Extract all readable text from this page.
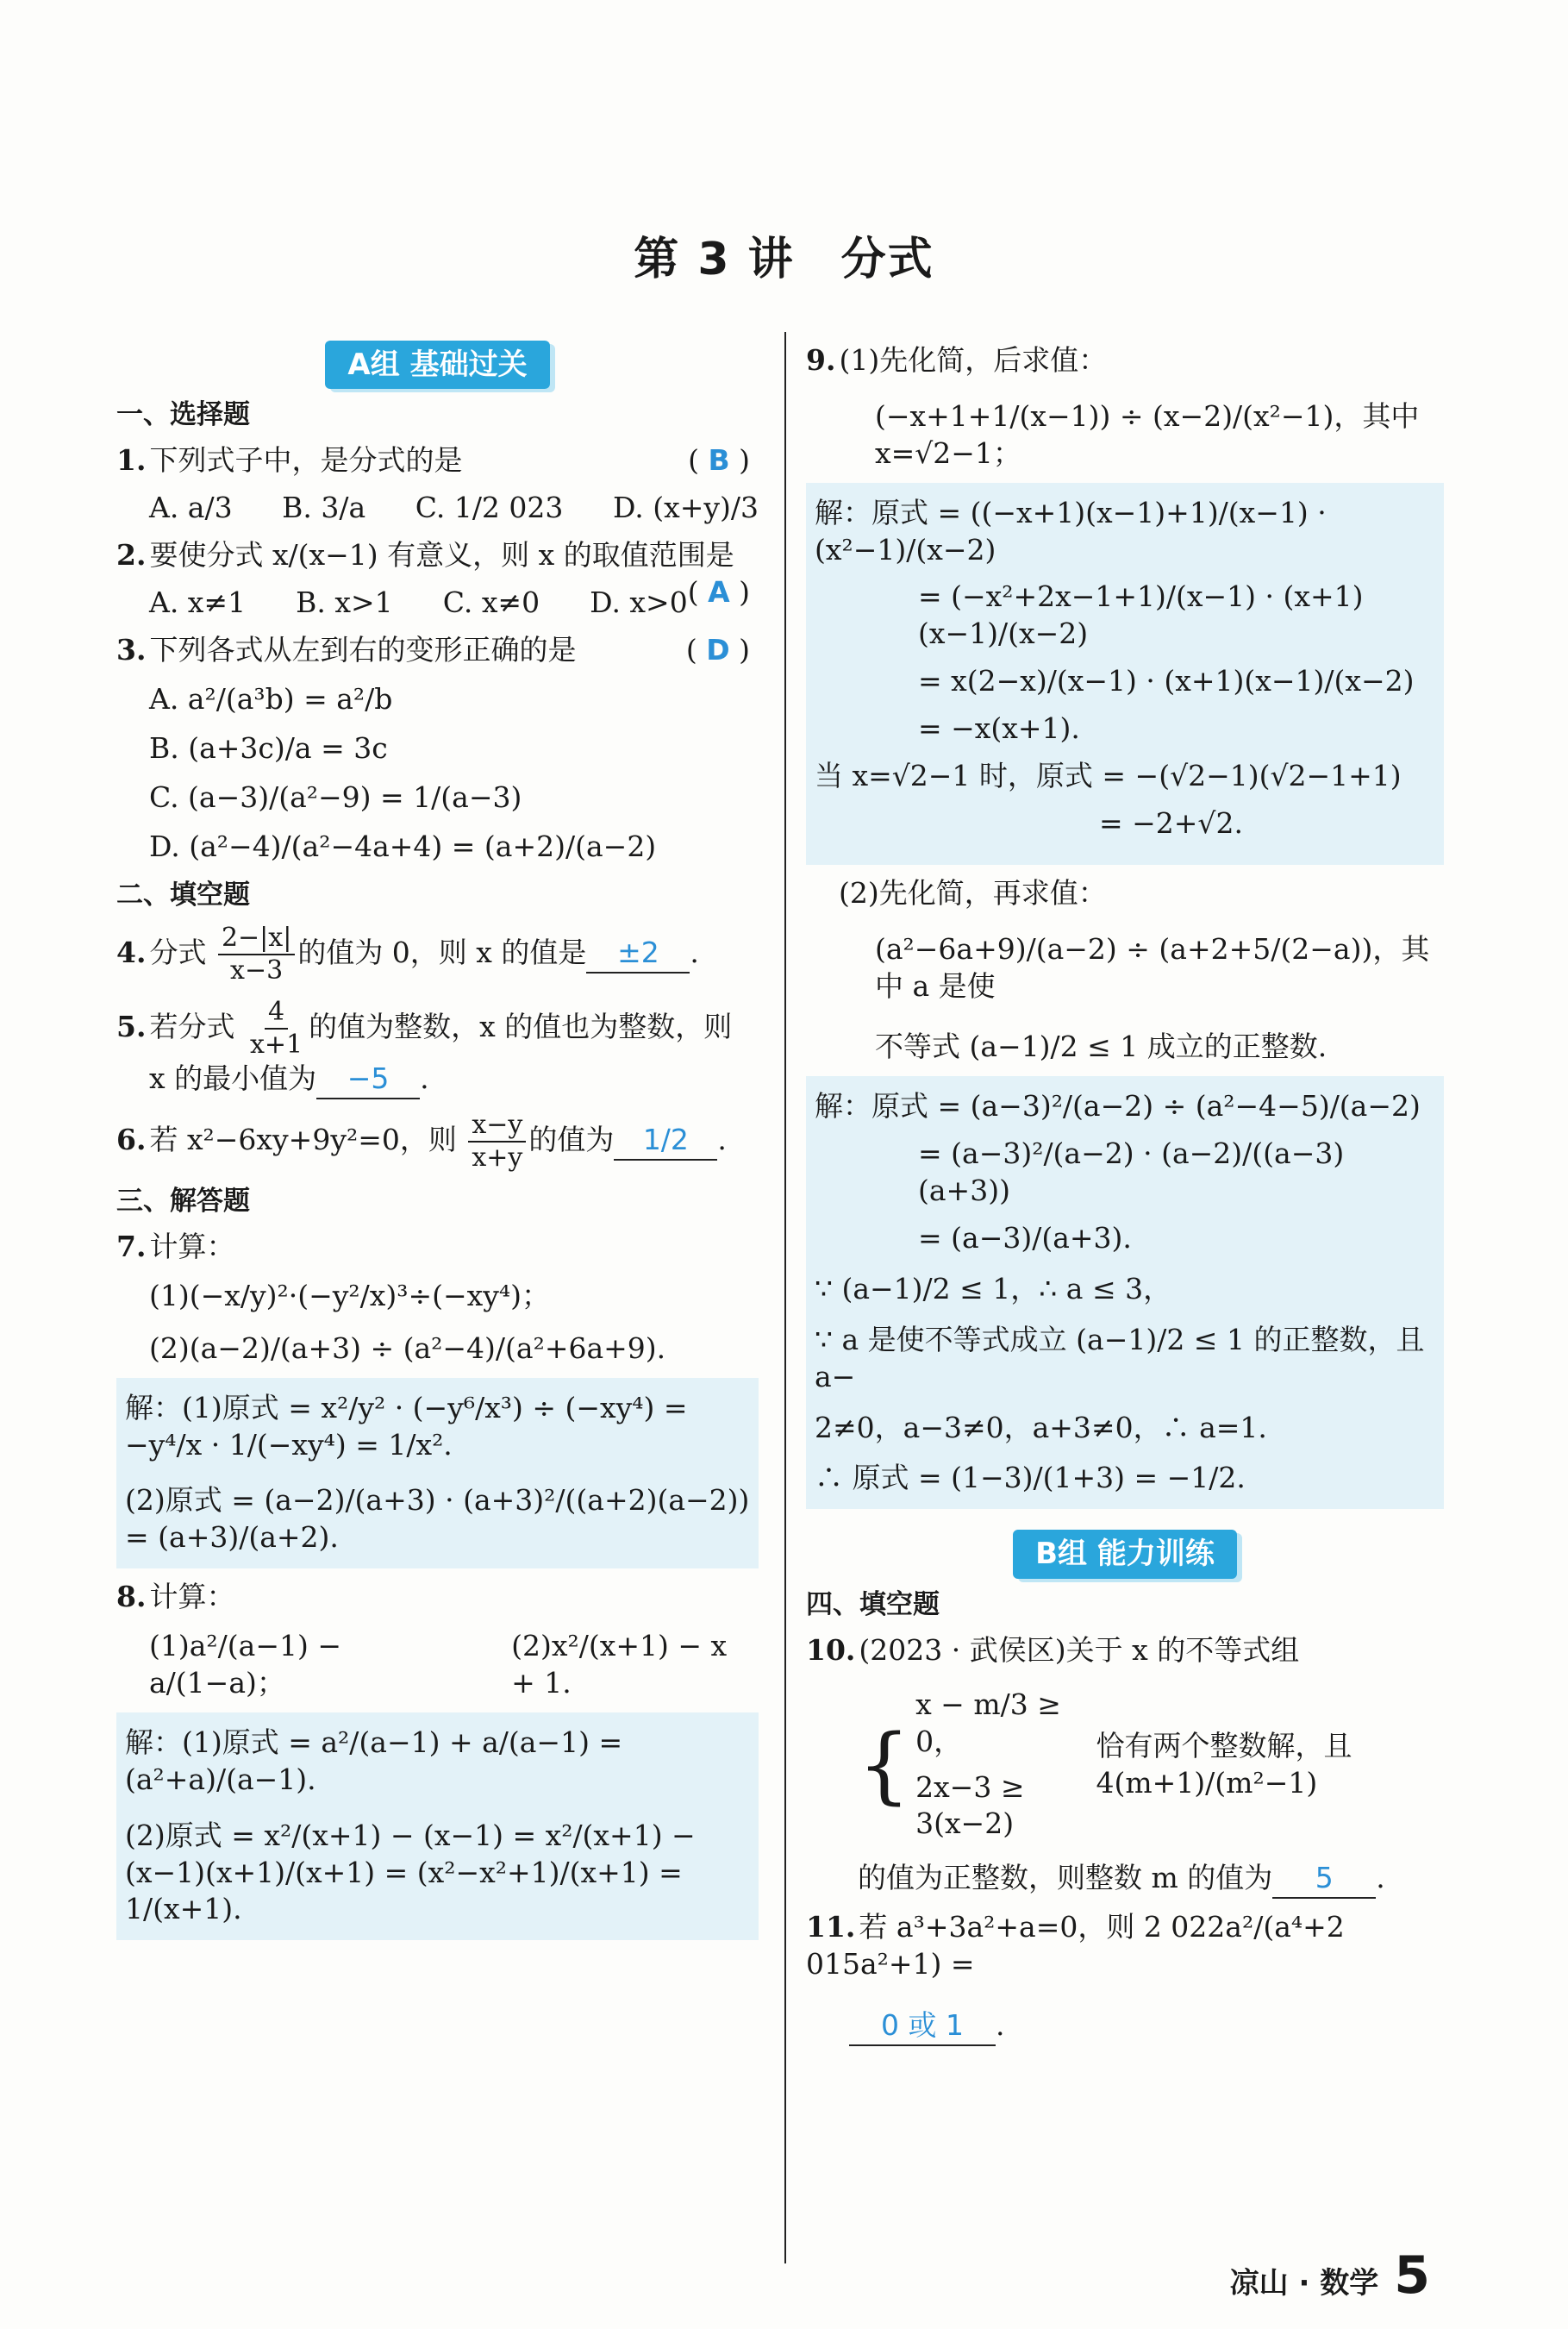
第 3 讲　分式
A组 基础过关
一、选择题
1. 下列式子中，是分式的是	( B )
A. a/3 B. 3/a C. 1/2 023 D. (x+y)/3
2. 要使分式 x/(x−1) 有意义，则 x 的取值范围是
( A )
A. x≠1 B. x>1 C. x≠0 D. x>0
3. 下列各式从左到右的变形正确的是	( D )
A. a²/(a³b) = a²/b
B. (a+3c)/a = 3c
C. (a−3)/(a²−9) = 1/(a−3)
D. (a²−4)/(a²−4a+4) = (a+2)/(a−2)
二、填空题
4. 分式 $\frac{2-|x|}{x-3}$ 的值为 0，则 x 的值是 ±2 .
5. 若分式 $\frac{4}{x+1}$ 的值为整数，x 的值也为整数，则
x 的最小值为 −5 .
6. 若 x²−6xy+9y²=0，则 $\frac{x-y}{x+y}$ 的值为 1/2 .
三、解答题
7. 计算：
(1)(−x/y)²·(−y²/x)³÷(−xy⁴)；
(2)(a−2)/(a+3) ÷ (a²−4)/(a²+6a+9).
解：(1)原式 = x²/y² · (−y⁶/x³) ÷ (−xy⁴) = −y⁴/x · 1/(−xy⁴) = 1/x².
(2)原式 = (a−2)/(a+3) · (a+3)²/((a+2)(a−2)) = (a+3)/(a+2).
8. 计算：
(1)a²/(a−1) − a/(1−a)；
(2)x²/(x+1) − x + 1.
解：(1)原式 = a²/(a−1) + a/(a−1) = (a²+a)/(a−1).
(2)原式 = x²/(x+1) − (x−1) = x²/(x+1) − (x−1)(x+1)/(x+1) = (x²−x²+1)/(x+1) = 1/(x+1).
9. (1)先化简，后求值：
(−x+1+1/(x−1)) ÷ (x−2)/(x²−1)，其中 x=√2−1；
解：原式 = ((−x+1)(x−1)+1)/(x−1) · (x²−1)/(x−2)
= (−x²+2x−1+1)/(x−1) · (x+1)(x−1)/(x−2)
= x(2−x)/(x−1) · (x+1)(x−1)/(x−2)
= −x(x+1).
当 x=√2−1 时，原式 = −(√2−1)(√2−1+1)
= −2+√2.
(2)先化简，再求值：
(a²−6a+9)/(a−2) ÷ (a+2+5/(2−a))，其中 a 是使
不等式 (a−1)/2 ≤ 1 成立的正整数.
解：原式 = (a−3)²/(a−2) ÷ (a²−4−5)/(a−2)
= (a−3)²/(a−2) · (a−2)/((a−3)(a+3))
= (a−3)/(a+3).
∵ (a−1)/2 ≤ 1，∴ a ≤ 3，
∵ a 是使不等式成立 (a−1)/2 ≤ 1 的正整数，且 a−
2≠0，a−3≠0，a+3≠0，∴ a=1.
∴ 原式 = (1−3)/(1+3) = −1/2.
B组 能力训练
四、填空题
10. (2023 · 武侯区)关于 x 的不等式组
{
x − m/3 ≥ 0，
2x−3 ≥ 3(x−2)
恰有两个整数解，且 4(m+1)/(m²−1)
的值为正整数，则整数 m 的值为 5 .
11. 若 a³+3a²+a=0，则 2 022a²/(a⁴+2 015a²+1) =
0 或 1 .
凉山 · 数学 5
